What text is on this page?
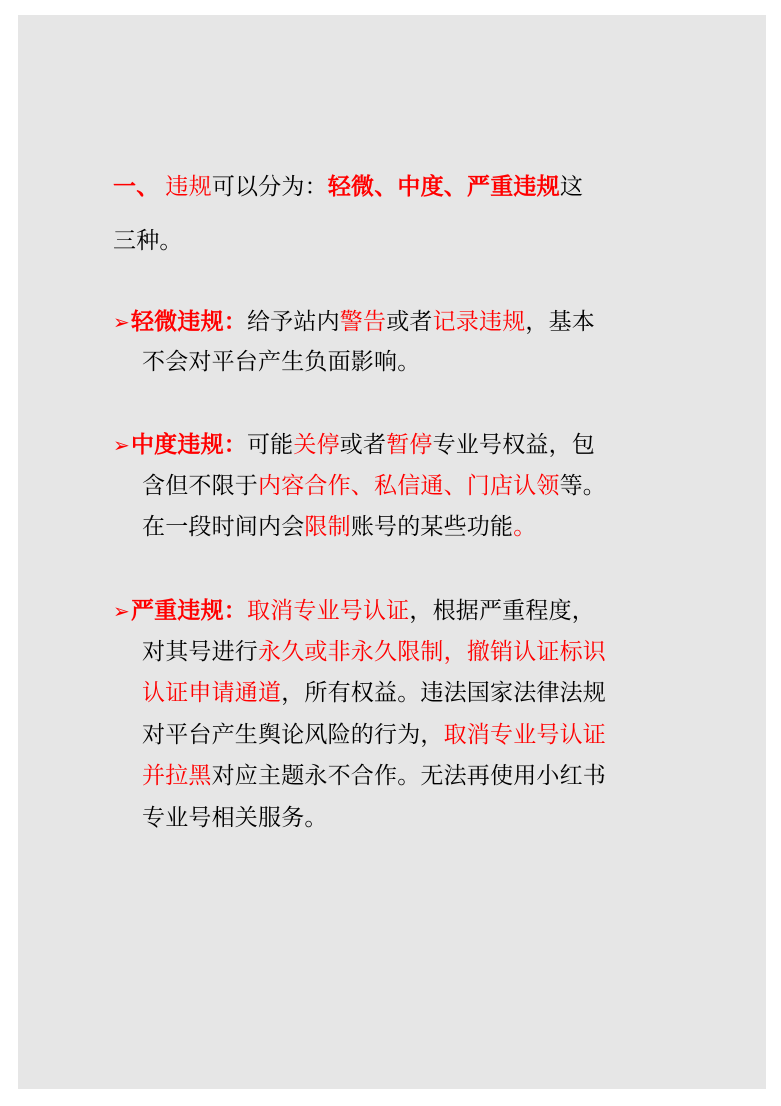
一、 违规可以分为：轻微、中度、严重违规这
三种。
➢轻微违规：给予站内警告或者记录违规，基本
不会对平台产生负面影响。
➢中度违规：可能关停或者暂停专业号权益，包
含但不限于内容合作、私信通、门店认领等。
在一段时间内会限制账号的某些功能。
➢严重违规：取消专业号认证，根据严重程度，
对其号进行永久或非永久限制，撤销认证标识
认证申请通道，所有权益。违法国家法律法规
对平台产生舆论风险的行为，取消专业号认证
并拉黑对应主题永不合作。无法再使用小红书
专业号相关服务。
